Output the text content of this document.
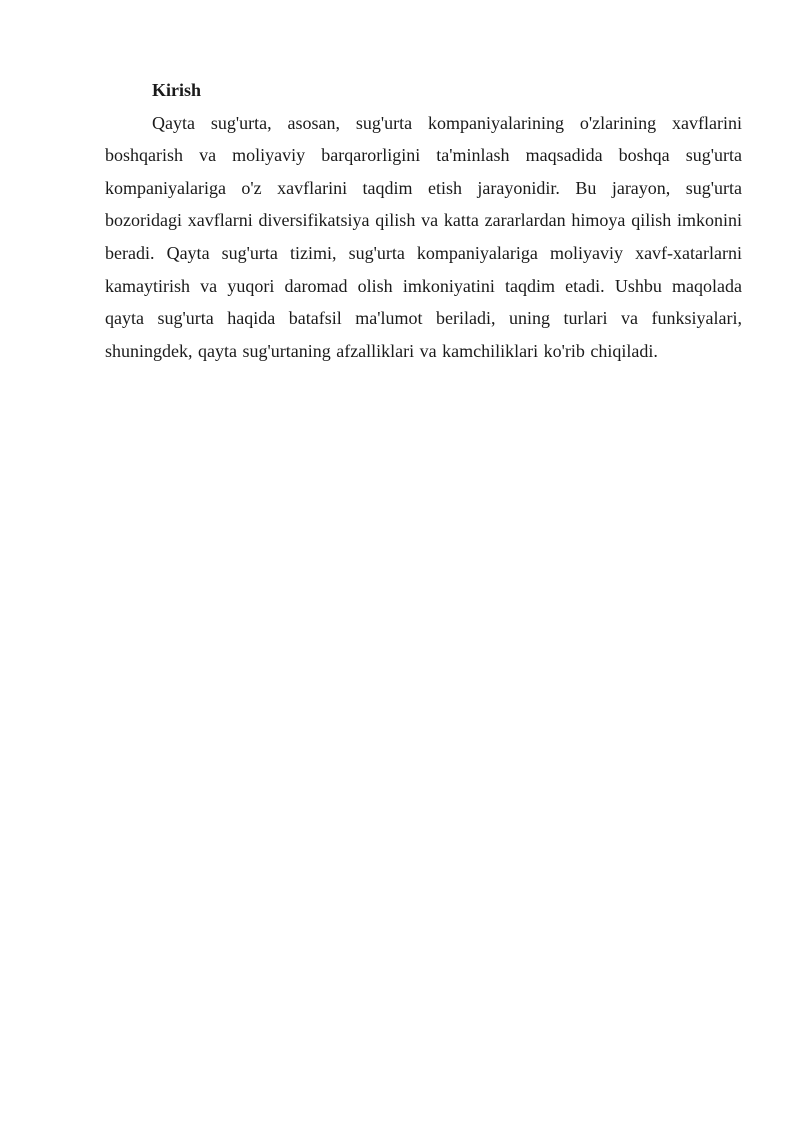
Kirish

Qayta sug'urta, asosan, sug'urta kompaniyalarining o'zlarining xavflarini boshqarish va moliyaviy barqarorligini ta'minlash maqsadida boshqa sug'urta kompaniyalariga o'z xavflarini taqdim etish jarayonidir. Bu jarayon, sug'urta bozoridagi xavflarni diversifikatsiya qilish va katta zararlardan himoya qilish imkonini beradi. Qayta sug'urta tizimi, sug'urta kompaniyalariga moliyaviy xavf-xatarlarni kamaytirish va yuqori daromad olish imkoniyatini taqdim etadi. Ushbu maqolada qayta sug'urta haqida batafsil ma'lumot beriladi, uning turlari va funksiyalari, shuningdek, qayta sug'urtaning afzalliklari va kamchiliklari ko'rib chiqiladi.
